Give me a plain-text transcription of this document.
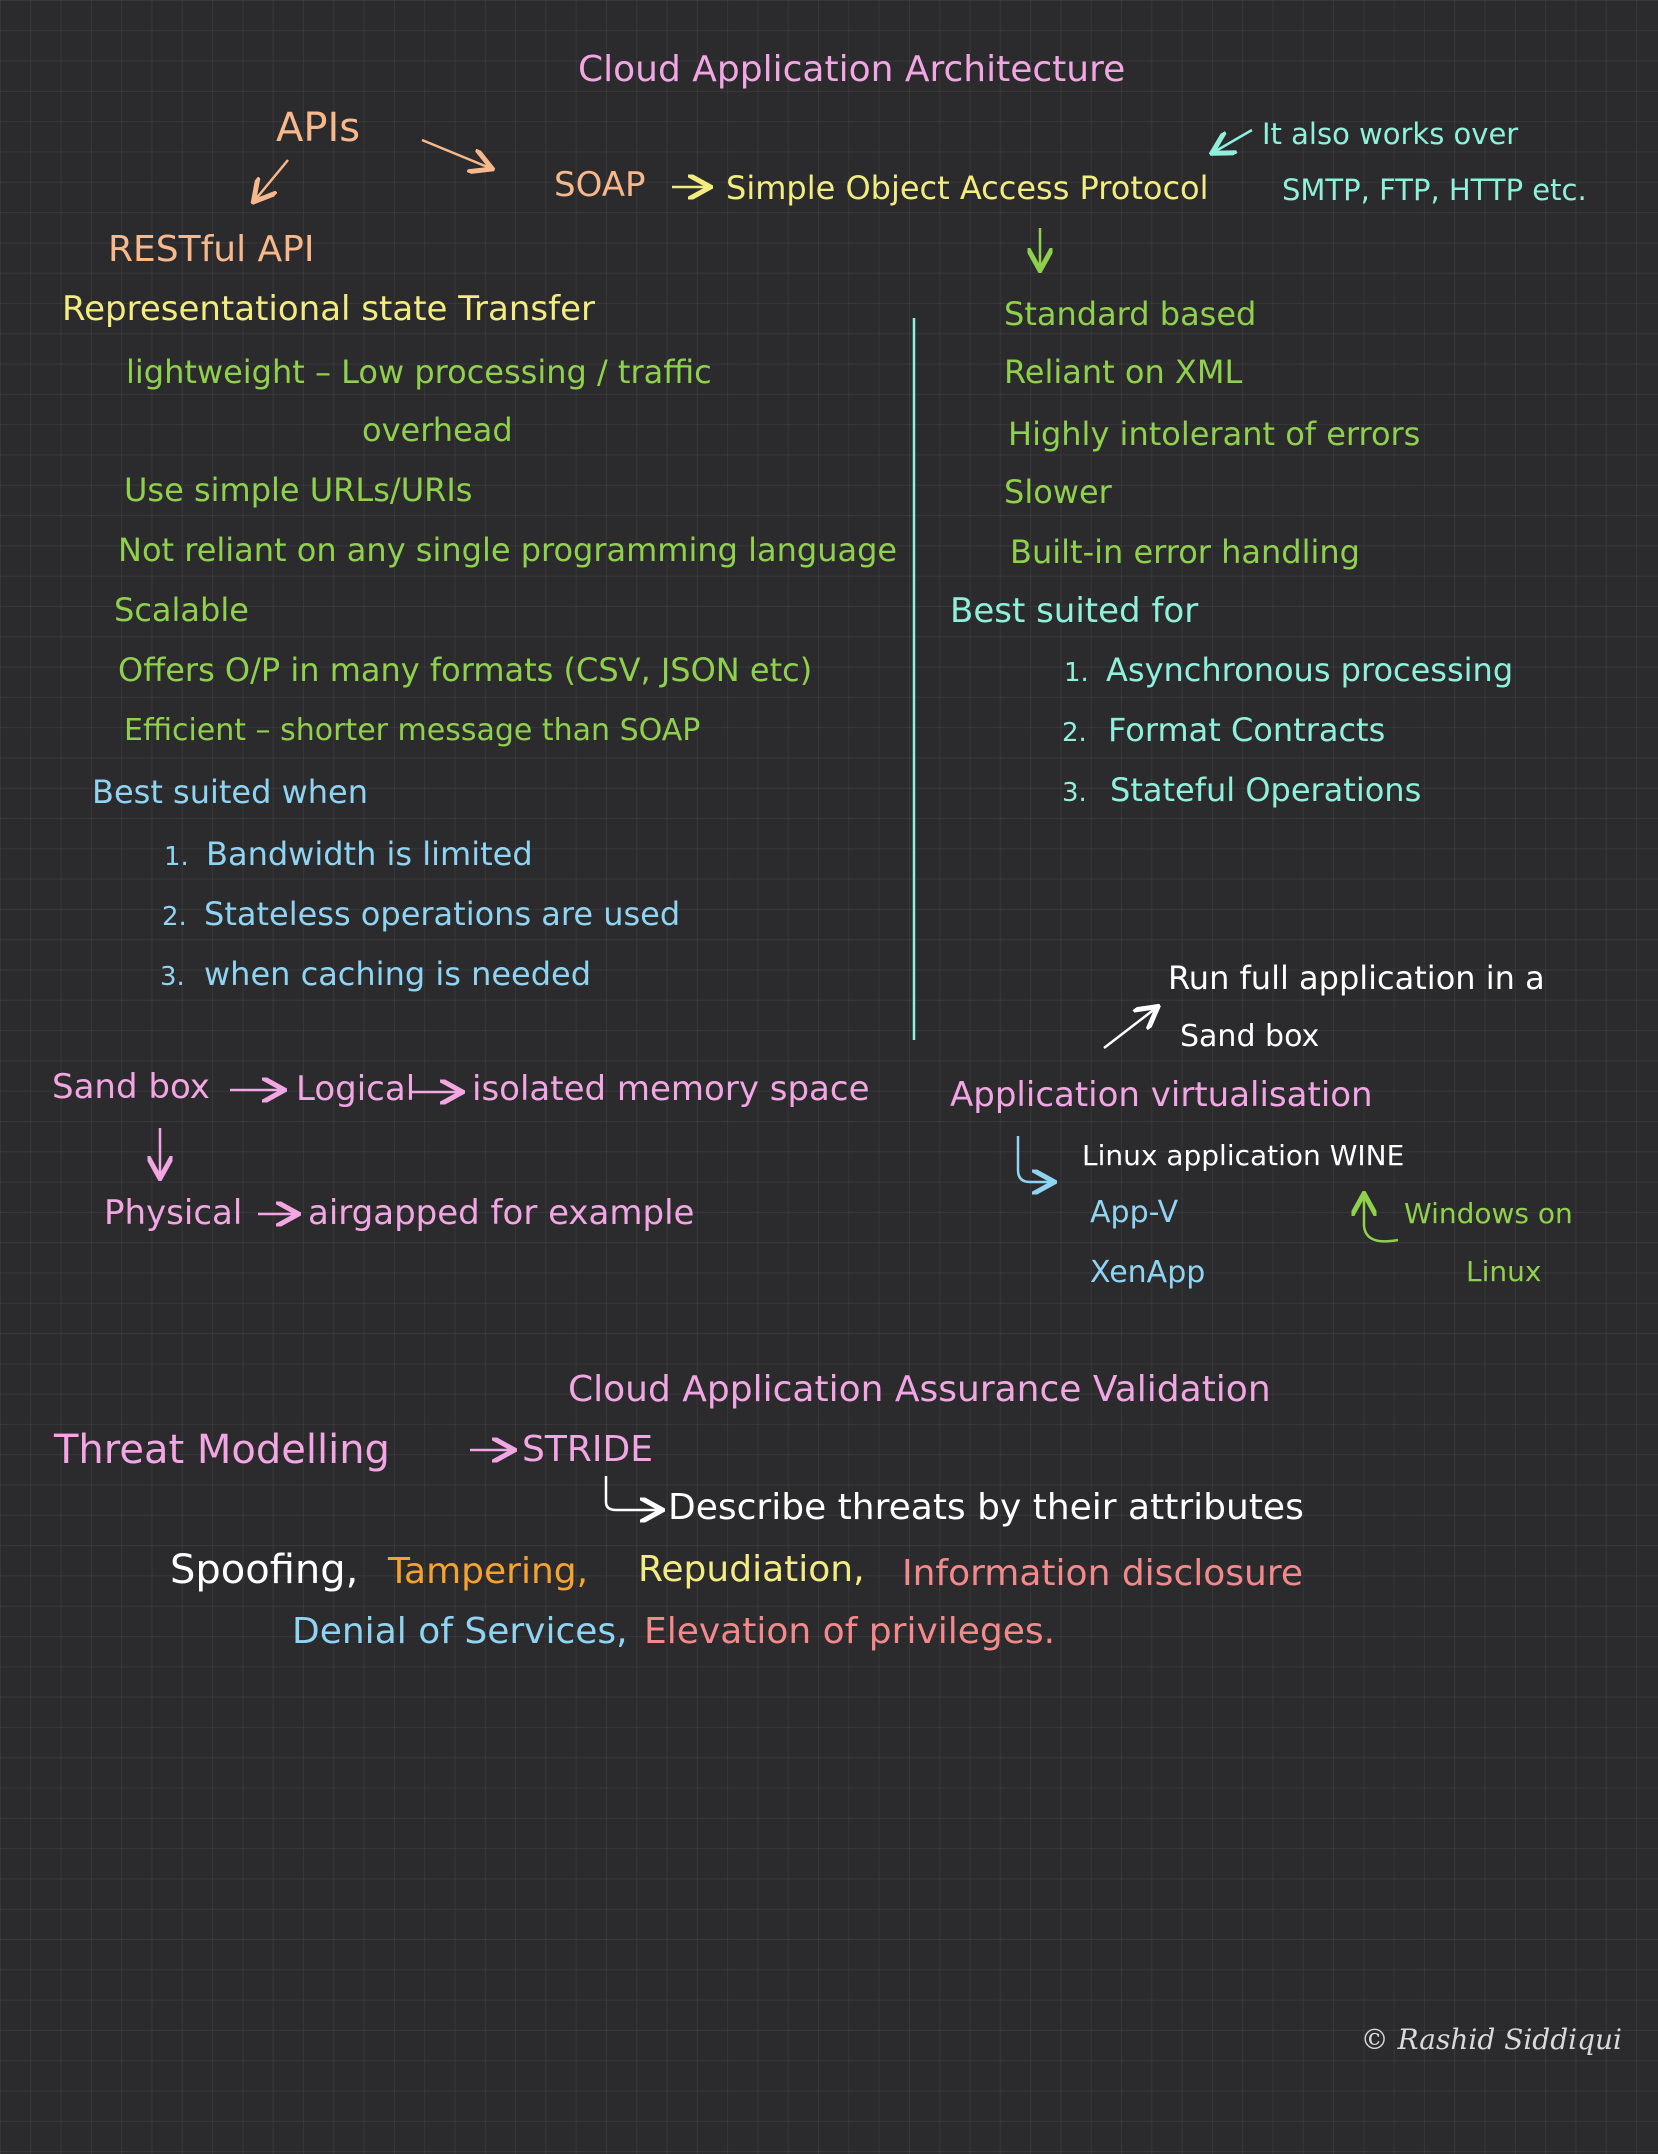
Cloud Application Architecture
APIs
SOAP	Simple Object Access Protocol
It also works over
SMTP, FTP, HTTP etc.
RESTful API
Representational state Transfer
lightweight – Low processing / traffic
overhead
Use simple URLs/URIs
Not reliant on any single programming language
Scalable
Offers O/P in many formats (CSV, JSON etc)
Efficient – shorter message than SOAP
Best suited when
1. Bandwidth is limited
2. Stateless operations are used
3. when caching is needed
Standard based
Reliant on XML
Highly intolerant of errors
Slower
Built-in error handling
Best suited for
1. Asynchronous processing
2. Format Contracts
3. Stateful Operations
Sand box	Logical isolated memory space
Physical airgapped for example
Run full application in a
Sand box
Application virtualisation
Linux application WINE
App-V
XenApp
Windows on
Linux
Cloud Application Assurance Validation
Threat Modelling	STRIDE
Describe threats by their attributes
Spoofing, Tampering, Repudiation, Information disclosure
Denial of Services, Elevation of privileges.
© Rashid Siddiqui
